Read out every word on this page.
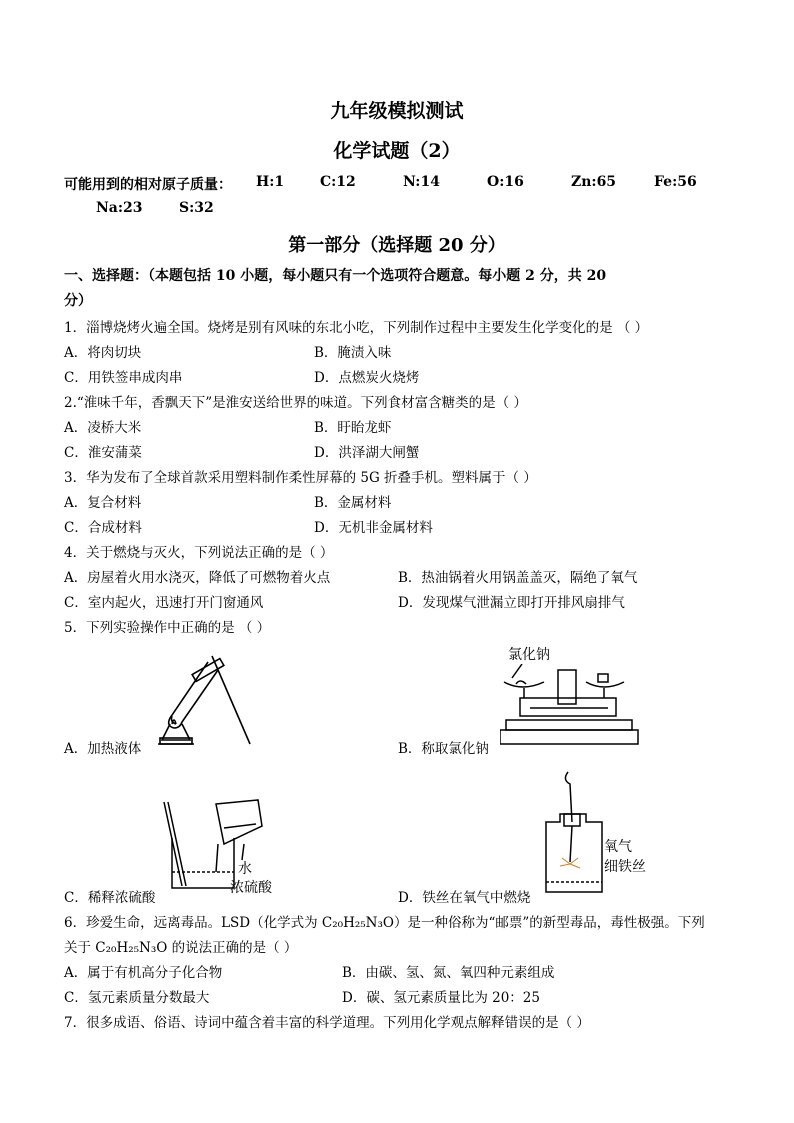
九年级模拟测试
化学试题（2）
可能用到的相对原子质量： H:1	C:12	N:14	O:16	Zn:65	Fe:56
Na:23	S:32
第一部分（选择题 20 分）
一、选择题：（本题包括 10 小题，每小题只有一个选项符合题意。每小题 2 分，共 20
分）
1．淄博烧烤火遍全国。烧烤是别有风味的东北小吃，下列制作过程中主要发生化学变化的是 （ ）
A．将肉切块	B．腌渍入味
C．用铁签串成肉串	D．点燃炭火烧烤
2.“淮味千年，香飘天下”是淮安送给世界的味道。下列食材富含糖类的是（ ）
A．凌桥大米	B．盱眙龙虾
C．淮安蒲菜	D．洪泽湖大闸蟹
3．华为发布了全球首款采用塑料制作柔性屏幕的 5G 折叠手机。塑料属于（ ）
A．复合材料	B．金属材料
C．合成材料	D．无机非金属材料
4．关于燃烧与灭火，下列说法正确的是（ ）
A．房屋着火用水浇灭，降低了可燃物着火点	B．热油锅着火用锅盖盖灭，隔绝了氧气
C．室内起火，迅速打开门窗通风	D．发现煤气泄漏立即打开排风扇排气
5．下列实验操作中正确的是 （ ）
A．加热液体
氯化钠
B．称取氯化钠
水
浓硫酸
C．稀释浓硫酸
氧气
细铁丝
D．铁丝在氧气中燃烧
6．珍爱生命，远离毒品。LSD（化学式为 C₂₀H₂₅N₃O）是一种俗称为“邮票”的新型毒品，毒性极强。下列
关于 C₂₀H₂₅N₃O 的说法正确的是（ ）
A．属于有机高分子化合物	B．由碳、氢、氮、氧四种元素组成
C．氢元素质量分数最大	D．碳、氢元素质量比为 20：25
7．很多成语、俗语、诗词中蕴含着丰富的科学道理。下列用化学观点解释错误的是（ ）
